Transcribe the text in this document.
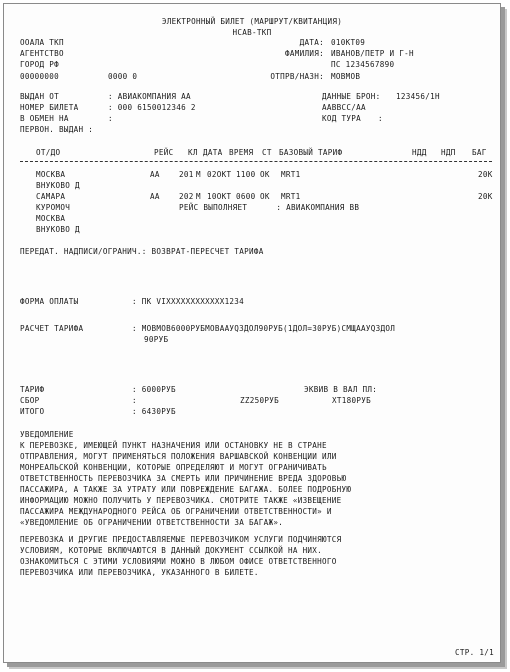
ЭЛЕКТРОННЫЙ БИЛЕТ (МАРШРУТ/КВИТАНЦИЯ)
НСАВ-ТКП
ООАЛА ТКП
АГЕНТСТВО
ГОРОД РФ
00000000	0000 0
ДАТА: 010КТ09
ФАМИЛИЯ: ИВАНОВ/ПЕТР И Г-Н
ПС 1234567890
ОТПРВ/НАЗН: МОВМОВ
ВЫДАН ОТ	: АВИАКОМПАНИЯ АА	ДАННЫЕ БРОН: 123456/1Н
НОМЕР БИЛЕТА	: 000 6150012346 2	ААВВСС/АА
В ОБМЕН НА	:	КОД ТУРА :
ПЕРВОН. ВЫДАН :
ОТ/ДО	РЕЙС КЛ ДАТА ВРЕМЯ СТ БАЗОВЫЙ ТАРИФ	НДД НДП БАГ
МОСКВА	АА	201 М 02ОКТ 1100 ОК MRT1	20К
ВНУКОВО Д
САМАРА	АА	202 М 10ОКТ 0600 ОК MRT1	20К
КУРОМОЧ	РЕЙС ВЫПОЛНЯЕТ      : АВИАКОМПАНИЯ ВВ
МОСКВА
ВНУКОВО Д
ПЕРЕДАТ. НАДПИСИ/ОГРАНИЧ.: ВОЗВРАТ-ПЕРЕСЧЕТ ТАРИФА
ФОРМА ОПЛАТЫ	: ПК VIXXXXXXXXXXXX1234
РАСЧЕТ ТАРИФА	: МОВМОВ6000РУБМОВААУQЗДОЛ90РУБ(1ДОЛ=30РУБ)СМЩААУQЗДОЛ
90РУБ
ТАРИФ	: 6000РУБ	ЭКВИВ В ВАЛ ПЛ:
СБОР	:	ZZ250РУБ	ХТ180РУБ
ИТОГО	: 6430РУБ
УВЕДОМЛЕНИЕ
К ПЕРЕВОЗКЕ, ИМЕЮЩЕЙ ПУНКТ НАЗНАЧЕНИЯ ИЛИ ОСТАНОВКУ НЕ В СТРАНЕ
ОТПРАВЛЕНИЯ, МОГУТ ПРИМЕНЯТЬСЯ ПОЛОЖЕНИЯ ВАРШАВСКОЙ КОНВЕНЦИИ ИЛИ
МОНРЕАЛЬСКОЙ КОНВЕНЦИИ, КОТОРЫЕ ОПРЕДЕЛЯЮТ И МОГУТ ОГРАНИЧИВАТЬ
ОТВЕТСТВЕННОСТЬ ПЕРЕВОЗЧИКА ЗА СМЕРТЬ ИЛИ ПРИЧИНЕНИЕ ВРЕДА ЗДОРОВЬЮ
ПАССАЖИРА, А ТАКЖЕ ЗА УТРАТУ ИЛИ ПОВРЕЖДЕНИЕ БАГАЖА. БОЛЕЕ ПОДРОБНУЮ
ИНФОРМАЦИЮ МОЖНО ПОЛУЧИТЬ У ПЕРЕВОЗЧИКА. СМОТРИТЕ ТАКЖЕ «ИЗВЕЩЕНИЕ
ПАССАЖИРА МЕЖДУНАРОДНОГО РЕЙСА ОБ ОГРАНИЧЕНИИ ОТВЕТСТВЕННОСТИ» И
«УВЕДОМЛЕНИЕ ОБ ОГРАНИЧЕНИИ ОТВЕТСТВЕННОСТИ ЗА БАГАЖ».
ПЕРЕВОЗКА И ДРУГИЕ ПРЕДОСТАВЛЯЕМЫЕ ПЕРЕВОЗЧИКОМ УСЛУГИ ПОДЧИНЯЮТСЯ
УСЛОВИЯМ, КОТОРЫЕ ВКЛЮЧАЮТСЯ В ДАННЫЙ ДОКУМЕНТ ССЫЛКОЙ НА НИХ.
ОЗНАКОМИТЬСЯ С ЭТИМИ УСЛОВИЯМИ МОЖНО В ЛЮБОМ ОФИСЕ ОТВЕТСТВЕННОГО
ПЕРЕВОЗЧИКА ИЛИ ПЕРЕВОЗЧИКА, УКАЗАННОГО В БИЛЕТЕ.
СТР. 1/1
